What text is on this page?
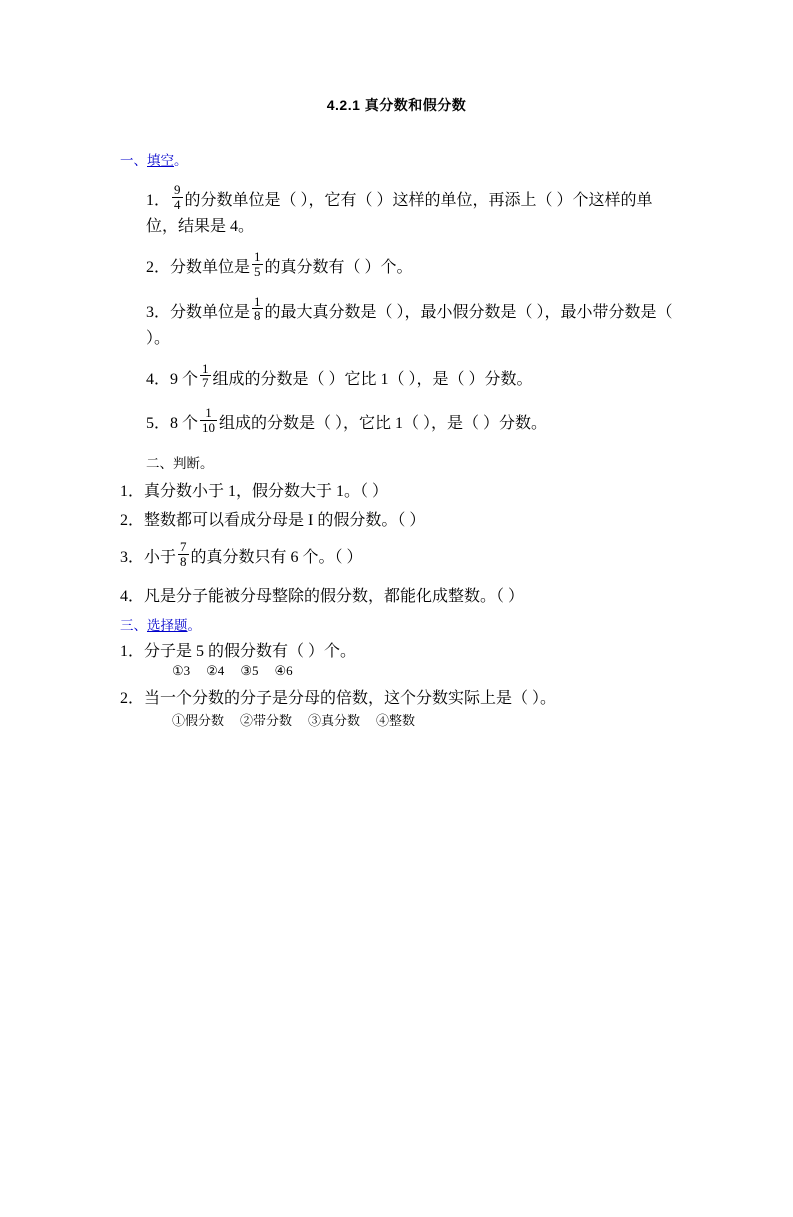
4.2.1 真分数和假分数
一、填空。
1． $\frac{9}{4}$ 的分数单位是（ ），它有（ ）这样的单位，再添上（ ）个这样的单位，结果是 4。
2．分数单位是 $\frac{1}{5}$ 的真分数有（ ）个。
3．分数单位是 $\frac{1}{8}$ 的最大真分数是（ ），最小假分数是（ ），最小带分数是（ ）。
4．9 个 $\frac{1}{7}$ 组成的分数是（ ）它比 1（ ），是（ ）分数。
5．8 个 $\frac{1}{10}$ 组成的分数是（ ），它比 1（ ），是（ ）分数。
二、判断。
1．真分数小于 1，假分数大于 1。（ ）
2．整数都可以看成分母是 I 的假分数。（ ）
3．小于 $\frac{7}{8}$ 的真分数只有 6 个。（ ）
4．凡是分子能被分母整除的假分数，都能化成整数。（ ）
三、选择题。
1．分子是 5 的假分数有（ ）个。
①3 ②4 ③5 ④6
2．当一个分数的分子是分母的倍数，这个分数实际上是（ ）。
①假分数 ②带分数 ③真分数 ④整数
